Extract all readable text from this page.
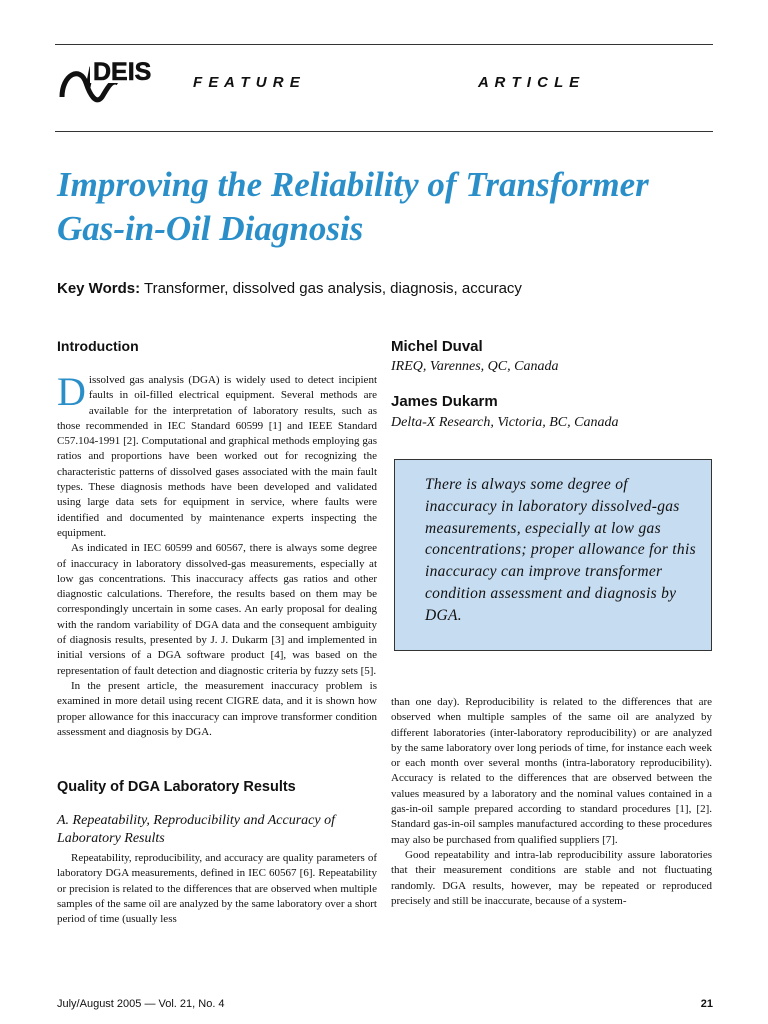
DEIS	F E A T U R E	A R T I C L E
Improving the Reliability of Transformer
Gas-in-Oil Diagnosis
Key Words: Transformer, dissolved gas analysis, diagnosis, accuracy
Introduction

Dissolved gas analysis (DGA) is widely used to detect incipient faults in oil-filled electrical equipment. Several methods are available for the interpretation of laboratory results, such as those recommended in IEC Standard 60599 [1] and IEEE Standard C57.104-1991 [2]. Computational and graphical methods employing gas ratios and proportions have been worked out for recognizing the characteristic patterns of dissolved gases associated with the main fault types. These diagnosis methods have been developed and validated using large data sets for equipment in service, where faults were identified and documented by maintenance experts inspecting the equipment.

As indicated in IEC 60599 and 60567, there is always some degree of inaccuracy in laboratory dissolved-gas measurements, especially at low gas concentrations. This inaccuracy affects gas ratios and other diagnostic calculations. Therefore, the results based on them may be correspondingly uncertain in some cases. An early proposal for dealing with the random variability of DGA data and the consequent ambiguity of diagnosis results, presented by J. J. Dukarm [3] and implemented in initial versions of a DGA software product [4], was based on the representation of fault detection and diagnostic criteria by fuzzy sets [5].

In the present article, the measurement inaccuracy problem is examined in more detail using recent CIGRE data, and it is shown how proper allowance for this inaccuracy can improve transformer condition assessment and diagnosis by DGA.

Quality of DGA Laboratory Results
A. Repeatability, Reproducibility and Accuracy of Laboratory Results

Repeatability, reproducibility, and accuracy are quality parameters of laboratory DGA measurements, defined in IEC 60567 [6]. Repeatability or precision is related to the differences that are observed when multiple samples of the same oil are analyzed by the same laboratory over a short period of time (usually less

Michel Duval
IREQ, Varennes, QC, Canada
James Dukarm
Delta-X Research, Victoria, BC, Canada
There is always some degree of inaccuracy in laboratory dissolved-gas measurements, especially at low gas concentrations; proper allowance for this inaccuracy can improve transformer condition assessment and diagnosis by DGA.

than one day). Reproducibility is related to the differences that are observed when multiple samples of the same oil are analyzed by different laboratories (inter-laboratory reproducibility) or are analyzed by the same laboratory over long periods of time, for instance each week or each month over several months (intra-laboratory reproducibility). Accuracy is related to the differences that are observed between the values measured by a laboratory and the nominal values contained in a gas-in-oil sample prepared according to standard procedures [1], [2]. Standard gas-in-oil samples manufactured according to these procedures may also be purchased from qualified suppliers [7].

Good repeatability and intra-lab reproducibility assure laboratories that their measurement conditions are stable and not fluctuating randomly. DGA results, however, may be repeated or reproduced precisely and still be inaccurate, because of a system-

July/August 2005 — Vol. 21, No. 4	21
